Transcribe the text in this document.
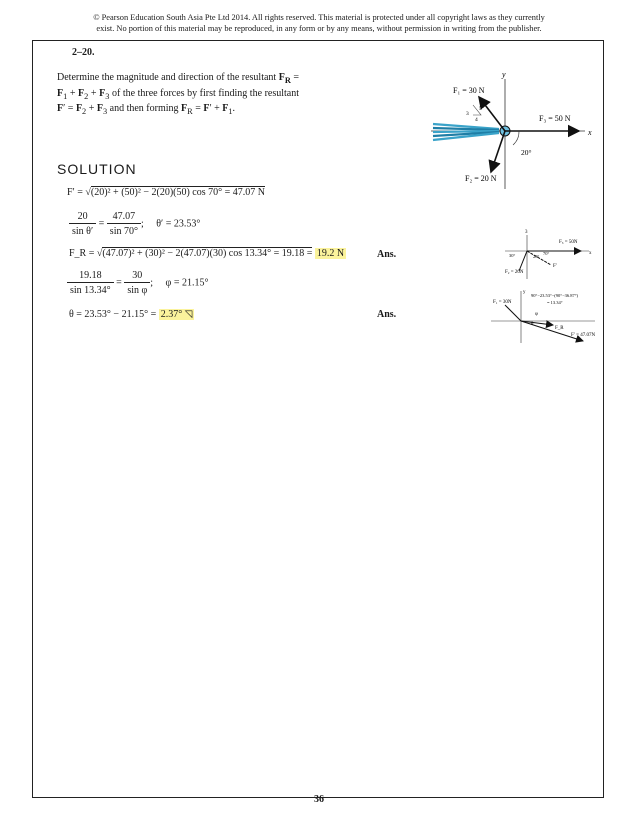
© Pearson Education South Asia Pte Ltd 2014. All rights reserved. This material is protected under all copyright laws as they currently
exist. No portion of this material may be reproduced, in any form or by any means, without permission in writing from the publisher.
2–20.
Determine the magnitude and direction of the resultant $F_R = F_1 + F_2 + F_3$ of the three forces by first finding the resultant $F' = F_2 + F_3$ and then forming $F_R = F' + F_1$.	3
4
5
20°
F₁ = 30 N
F₂ = 20 N
F₃ = 50 N
x
y
SOLUTION
F′ = √(20)² + (50)² − 2(20)(50) cos 70° = 47.07 N
$\frac{20}{\text{sin θ′}} = \frac{47.07}{\sin 70^\circ}$ ;     θ′ = 23.53°
F_R = √(47.07)² + (30)² − 2(47.07)(30) cos 13.34° = 19.18 = 19.2 N	Ans.
$\frac{19.18}{\sin 13.34^\circ} = \frac{30}{\text{sin φ}}$ ;     φ = 21.15°
θ = 23.53° − 21.15° = 2.37° ◹	Ans.
F₃ = 50N
F₂ = 20N
30°	70°
20°
F′
x
3
F₁ = 30N
90°−23.53°−(90°−36.87°)
= 13.34°
F_R
F′ = 47.07N
φ
θ
y
36
